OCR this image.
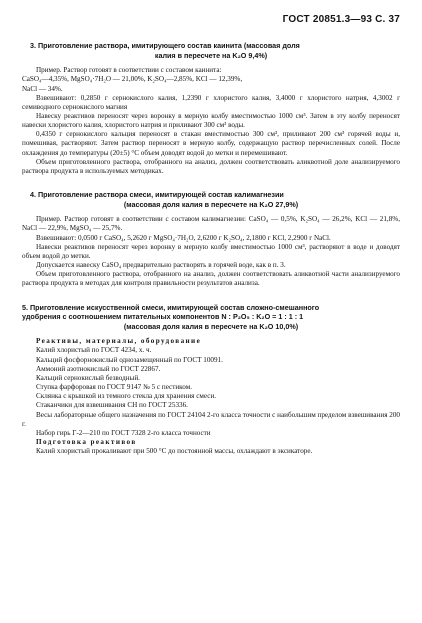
ГОСТ 20851.3—93 С. 37
3. Приготовление раствора, имитирующего состав каинита (массовая доля
калия в пересчете на K₂O 9,4%)

Пример. Раствор готовят в соответствии с составом каинита:

CaSO₄—4,35%, MgSO₄·7H₂O — 21,00%, K₂SO₄—2,85%, KCl — 12,39%,

NaCl — 34%.

Взвешивают: 0,2850 г сернокислого калия, 1,2390 г хлористого калия, 3,4000 г хлористого натрия, 4,3002 г семиводного сернокислого магния

Навеску реактивов переносят через воронку в мерную колбу вместимостью 1000 см³. Затем в эту колбу переносят навески хлористого калия, хлористого натрия и приливают 300 см³ воды.

0,4350 г сернокислого кальция переносят в стакан вместимостью 300 см³, приливают 200 см³ горячей воды и, помешивая, растворяют. Затем раствор переносят в мерную колбу, содержащую раствор перечисленных солей. После охлаждения до температуры (20±5) °С объем доводят водой до метки и перемешивают.

Объем приготовленного раствора, отобранного на анализ, должен соответствовать аликвотной доле анализируемого раствора продукта в используемых методиках.

4. Приготовление раствора смеси, имитирующей состав калимагнезии
(массовая доля калия в пересчете на K₂O 27,9%)

Пример. Раствор готовят в соответствии с составом калимагнезии: CaSO₄ — 0,5%, K₂SO₄ — 26,2%, KCl — 21,8%, NaCl — 22,9%, MgSO₄ — 25,7%.

Взвешивают: 0,0500 г CaSO₄, 5,2620 г MgSO₄·7H₂O, 2,6200 г K₂SO₄, 2,1800 г KCl, 2,2900 г NaCl.

Навески реактивов переносят через воронку в мерную колбу вместимостью 1000 см³, растворяют в воде и доводят объем водой до метки.

Допускается навеску CaSO₄ предварительно растворять в горячей воде, как в п. 3.

Объем приготовленного раствора, отобранного на анализ, должен соответствовать аликвотной части анализируемого раствора продукта в методах для контроля правильности результатов анализа.

5. Приготовление искусственной смеси, имитирующей состав сложно-смешанного
удобрения с соотношением питательных компонентов N : P₂O₅ : K₂O = 1 : 1 : 1
(массовая доля калия в пересчете на K₂O 10,0%)

Реактивы, материалы, оборудование

Калий хлористый по ГОСТ 4234, х. ч.

Кальций фосфорнокислый однозамещенный по ГОСТ 10091.

Аммоний азотнокислый по ГОСТ 22867.

Кальций сернокислый безводный.

Ступка фарфоровая по ГОСТ 9147 № 5 с пестиком.

Склянка с крышкой из темного стекла для хранения смеси.

Стаканчики для взвешивания СН по ГОСТ 25336.

Весы лабораторные общего назначения по ГОСТ 24104 2-го класса точности с наибольшим пределом взвешивания 200 г.

Набор гирь Г-2—210 по ГОСТ 7328 2-го класса точности

Подготовка реактивов

Калий хлористый прокаливают при 500 °С до постоянной массы, охлаждают в эксикаторе.
